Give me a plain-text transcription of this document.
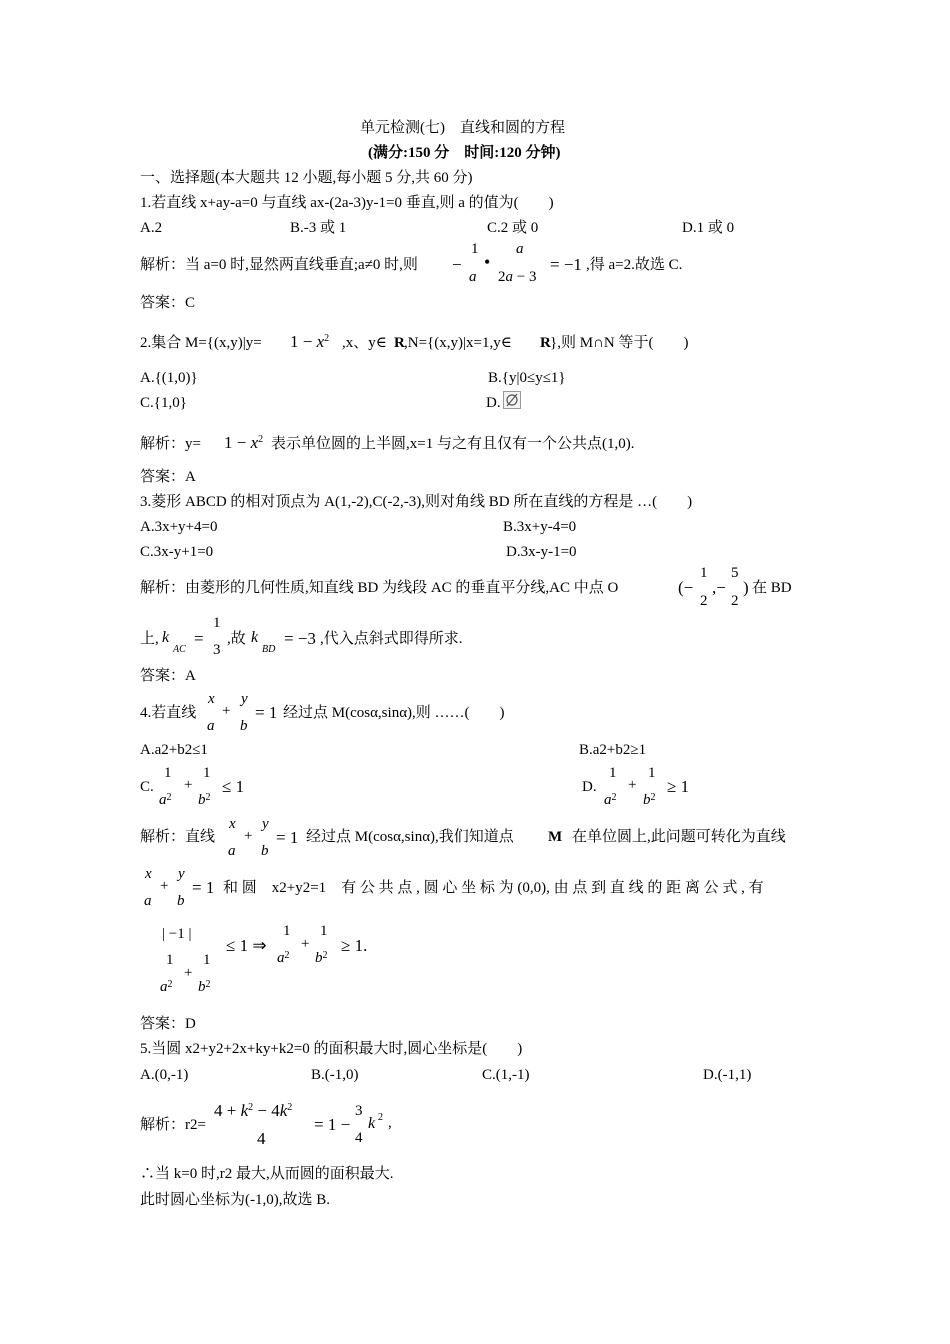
单元检测(七)　直线和圆的方程
(满分:150 分　时间:120 分钟)
一、选择题(本大题共 12 小题,每小题 5 分,共 60 分)
1.若直线 x+ay-a=0 与直线 ax-(2a-3)y-1=0 垂直,则 a 的值为(　　)
A.2	B.-3 或 1	C.2 或 0	D.1 或 0
解析：当 a=0 时,显然两直线垂直;a≠0 时,则 −
1
a
•
a
2a − 3
= −1 ,得 a=2.故选 C.
答案：C
2.集合 $M=\{(x,y)|y= 1 - x^2$ ,x、y∈ R ,N={(x,y)|x=1,y∈ R },则 M∩N 等于(　　)
A.{(1,0)}	B.{y|0≤y≤1}
C.{1,0}	D.
解析：$y= 1 - x^2$ 表示单位圆的上半圆,x=1 与之有且仅有一个公共点(1,0).
答案：A
3.菱形 ABCD 的相对顶点为 A(1,-2),C(-2,-3),则对角线 BD 所在直线的方程是 …(　　)
A.3x+y+4=0	B.3x+y-4=0
C.3x-y+1=0	D.3x-y-1=0
解析：由菱形的几何性质,知直线 BD 为线段 AC 的垂直平分线,AC 中点 O	(−
1
2
,−
5
2
) 在 BD
上, k
AC
=
1
3
,故 k
BD
= −3 ,代入点斜式即得所求.
答案：A
4.若直线
x
a
+
y
b
= 1 经过点 M(cosα,sinα),则 ……(　　)
A.a2+b2≤1	B.a2+b2≥1
C.
1
$a^2$
+
1
$b^2$
≤ 1	D.
1
$a^2$
+
1
$b^2$
≥ 1
解析：直线
x
a
+
y
b
= 1 经过点 M(cosα,sinα),我们知道点 M 在单位圆上,此问题可转化为直线
x
a
+
y
b
= 1 和 圆　x2+y2=1　有 公 共 点 , 圆 心 坐 标 为 (0,0), 由 点 到 直 线 的 距 离 公 式 , 有
| −1 |
1
$a^2$
+
1
$b^2$
≤ 1 ⇒
1
$a^2$
+
1
$b^2$
≥ 1.
答案：D
5.当圆 x2+y2+2x+ky+k2=0 的面积最大时,圆心坐标是(　　)
A.(0,-1)	B.(-1,0)	C.(1,-1)	D.(-1,1)
解析：r2=
$4 + k^2 - 4k^2$
4
= 1 −
3
4
k 2 ,
∴当 k=0 时,r2 最大,从而圆的面积最大.
此时圆心坐标为(-1,0),故选 B.
